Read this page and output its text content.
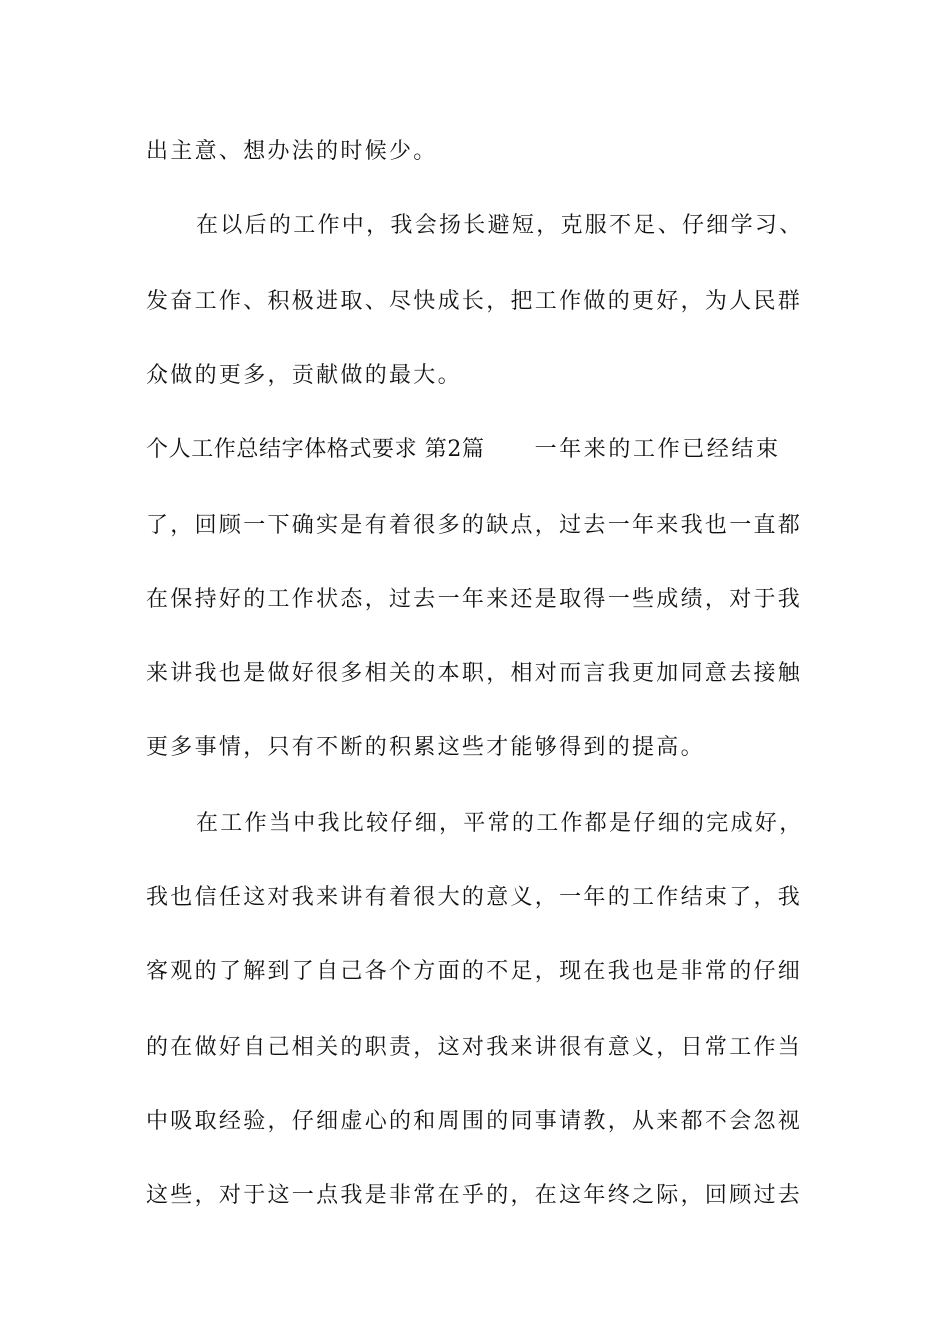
出主意、想办法的时候少。
在以后的工作中，我会扬长避短，克服不足、仔细学习、
发奋工作、积极进取、尽快成长，把工作做的更好，为人民群
众做的更多，贡献做的最大。
个人工作总结字体格式要求 第2篇 一年来的工作已经结束
了，回顾一下确实是有着很多的缺点，过去一年来我也一直都
在保持好的工作状态，过去一年来还是取得一些成绩，对于我
来讲我也是做好很多相关的本职，相对而言我更加同意去接触
更多事情，只有不断的积累这些才能够得到的提高。
在工作当中我比较仔细，平常的工作都是仔细的完成好，
我也信任这对我来讲有着很大的意义，一年的工作结束了，我
客观的了解到了自己各个方面的不足，现在我也是非常的仔细
的在做好自己相关的职责，这对我来讲很有意义，日常工作当
中吸取经验，仔细虚心的和周围的同事请教，从来都不会忽视
这些，对于这一点我是非常在乎的，在这年终之际，回顾过去
